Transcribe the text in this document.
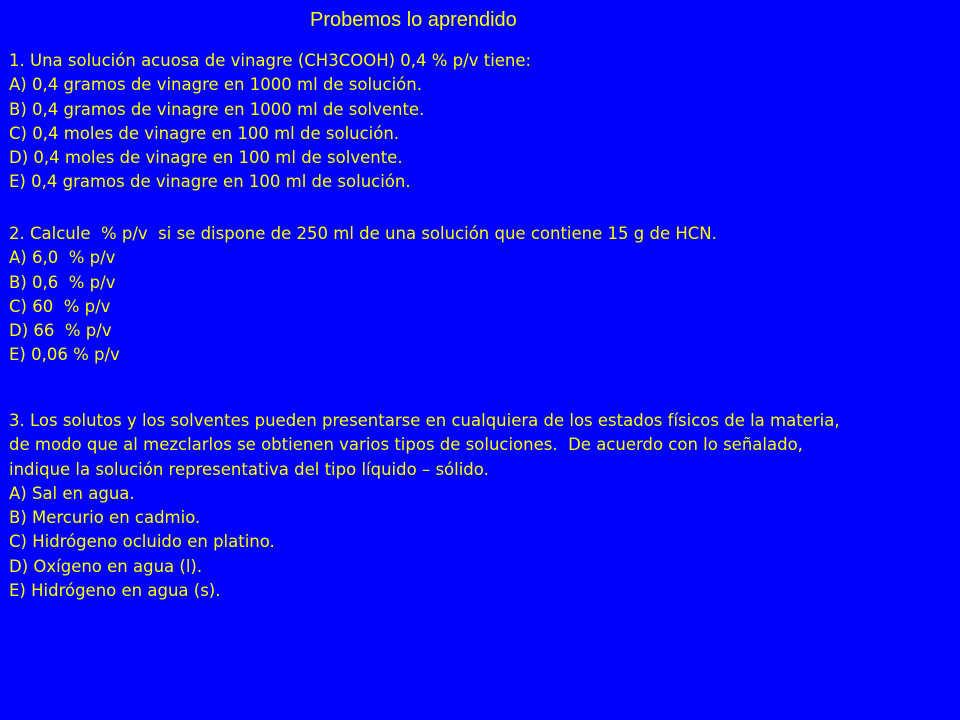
Probemos lo aprendido
1. Una solución acuosa de vinagre (CH3COOH) 0,4 % p/v tiene:
A) 0,4 gramos de vinagre en 1000 ml de solución.
B) 0,4 gramos de vinagre en 1000 ml de solvente.
C) 0,4 moles de vinagre en 100 ml de solución.
D) 0,4 moles de vinagre en 100 ml de solvente.
E) 0,4 gramos de vinagre en 100 ml de solución.
2. Calcule  % p/v  si se dispone de 250 ml de una solución que contiene 15 g de HCN.
A) 6,0  % p/v
B) 0,6  % p/v
C) 60  % p/v
D) 66  % p/v
E) 0,06 % p/v
3. Los solutos y los solventes pueden presentarse en cualquiera de los estados físicos de la materia,
de modo que al mezclarlos se obtienen varios tipos de soluciones.  De acuerdo con lo señalado,
indique la solución representativa del tipo líquido – sólido.
A) Sal en agua.
B) Mercurio en cadmio.
C) Hidrógeno ocluido en platino.
D) Oxígeno en agua (l).
E) Hidrógeno en agua (s).
